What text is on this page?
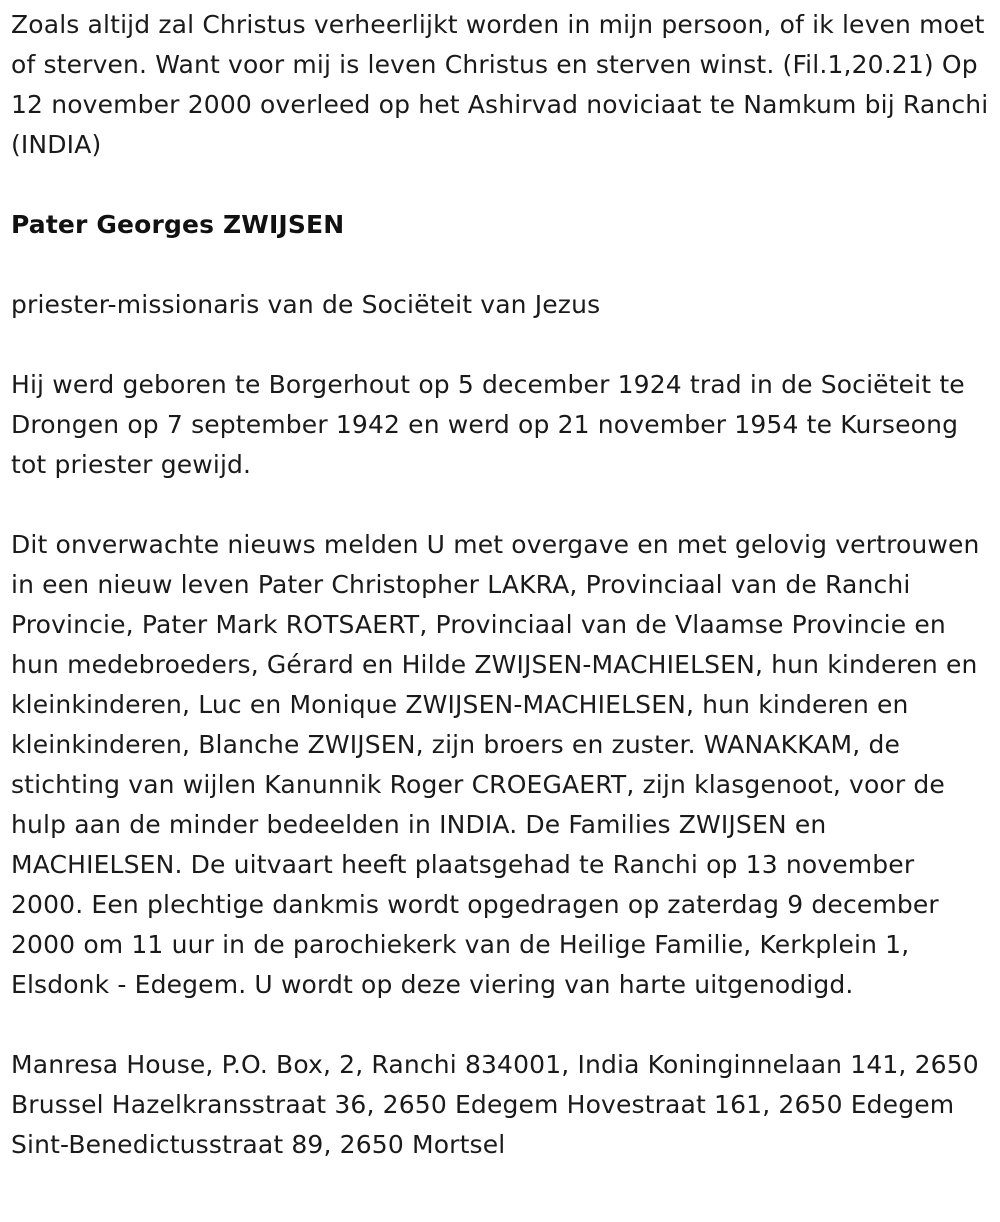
Zoals altijd zal Christus verheerlijkt worden in mijn persoon, of ik leven moet of sterven. Want voor mij is leven Christus en sterven winst. (Fil.1,20.21) Op 12 november 2000 overleed op het Ashirvad noviciaat te Namkum bij Ranchi (INDIA)

Pater Georges ZWIJSEN

priester-missionaris van de Sociëteit van Jezus

Hij werd geboren te Borgerhout op 5 december 1924 trad in de Sociëteit te Drongen op 7 september 1942 en werd op 21 november 1954 te Kurseong tot priester gewijd.

Dit onverwachte nieuws melden U met overgave en met gelovig vertrouwen in een nieuw leven Pater Christopher LAKRA, Provinciaal van de Ranchi Provincie, Pater Mark ROTSAERT, Provinciaal van de Vlaamse Provincie en hun medebroeders, Gérard en Hilde ZWIJSEN-MACHIELSEN, hun kinderen en kleinkinderen, Luc en Monique ZWIJSEN-MACHIELSEN, hun kinderen en kleinkinderen, Blanche ZWIJSEN, zijn broers en zuster. WANAKKAM, de stichting van wijlen Kanunnik Roger CROEGAERT, zijn klasgenoot, voor de hulp aan de minder bedeelden in INDIA. De Families ZWIJSEN en MACHIELSEN. De uitvaart heeft plaatsgehad te Ranchi op 13 november 2000. Een plechtige dankmis wordt opgedragen op zaterdag 9 december 2000 om 11 uur in de parochiekerk van de Heilige Familie, Kerkplein 1, Elsdonk - Edegem. U wordt op deze viering van harte uitgenodigd.

Manresa House, P.O. Box, 2, Ranchi 834001, India Koninginnelaan 141, 2650 Brussel Hazelkransstraat 36, 2650 Edegem Hovestraat 161, 2650 Edegem Sint-Benedictusstraat 89, 2650 Mortsel
